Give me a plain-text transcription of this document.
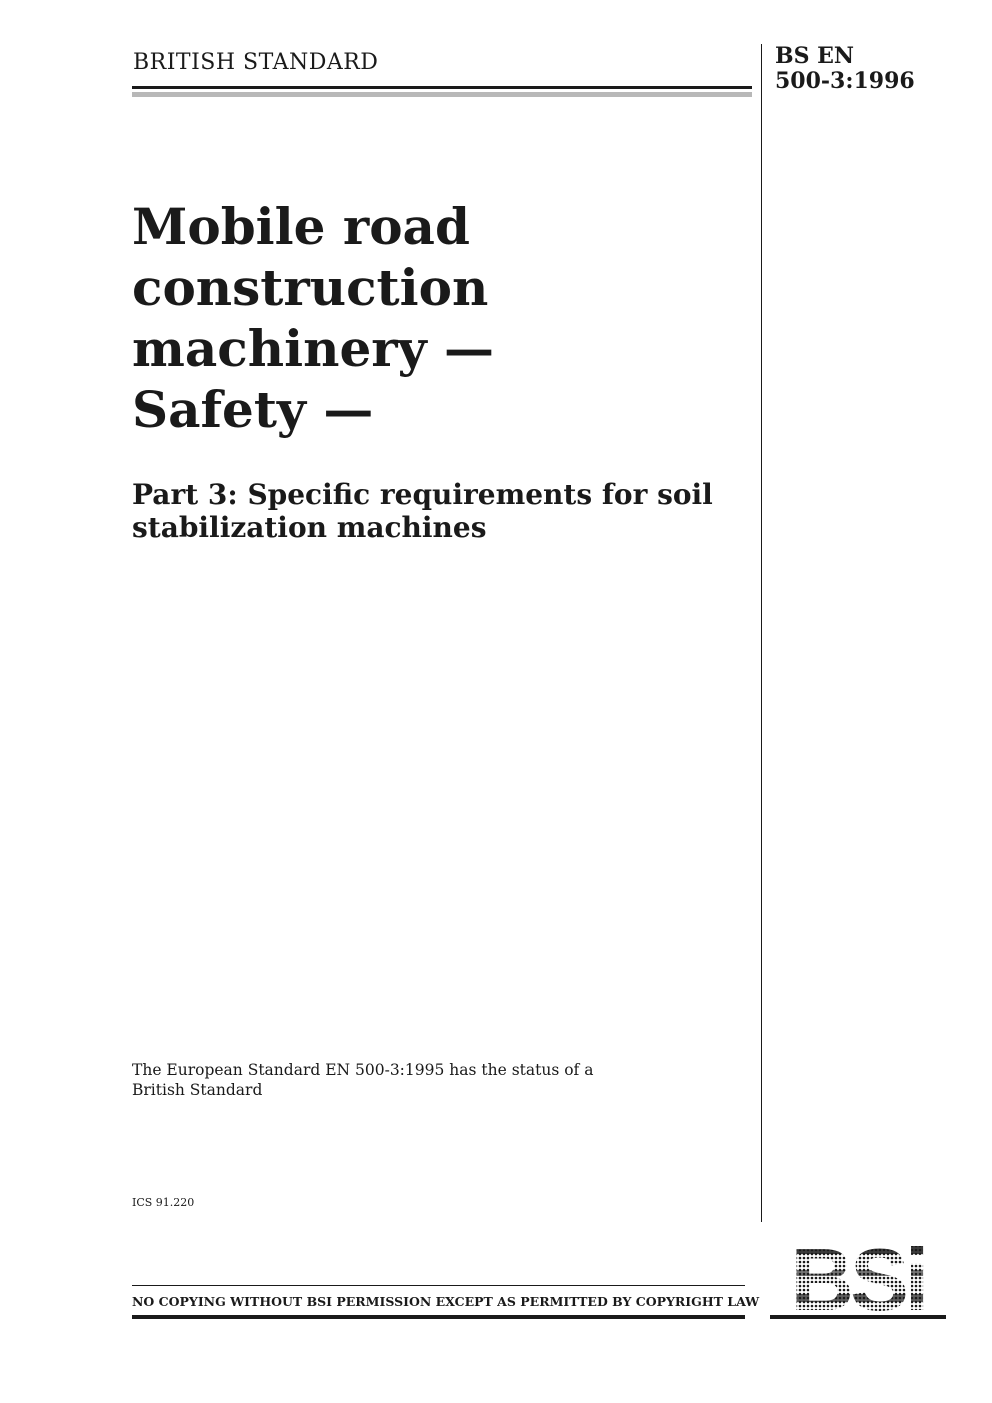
BRITISH STANDARD	BS EN
500-3:1996
Mobile road
construction
machinery —
Safety —
Part 3: Specific requirements for soil
stabilization machines
The European Standard EN 500-3:1995 has the status of a
British Standard
ICS 91.220
NO COPYING WITHOUT BSI PERMISSION EXCEPT AS PERMITTED BY COPYRIGHT LAW
